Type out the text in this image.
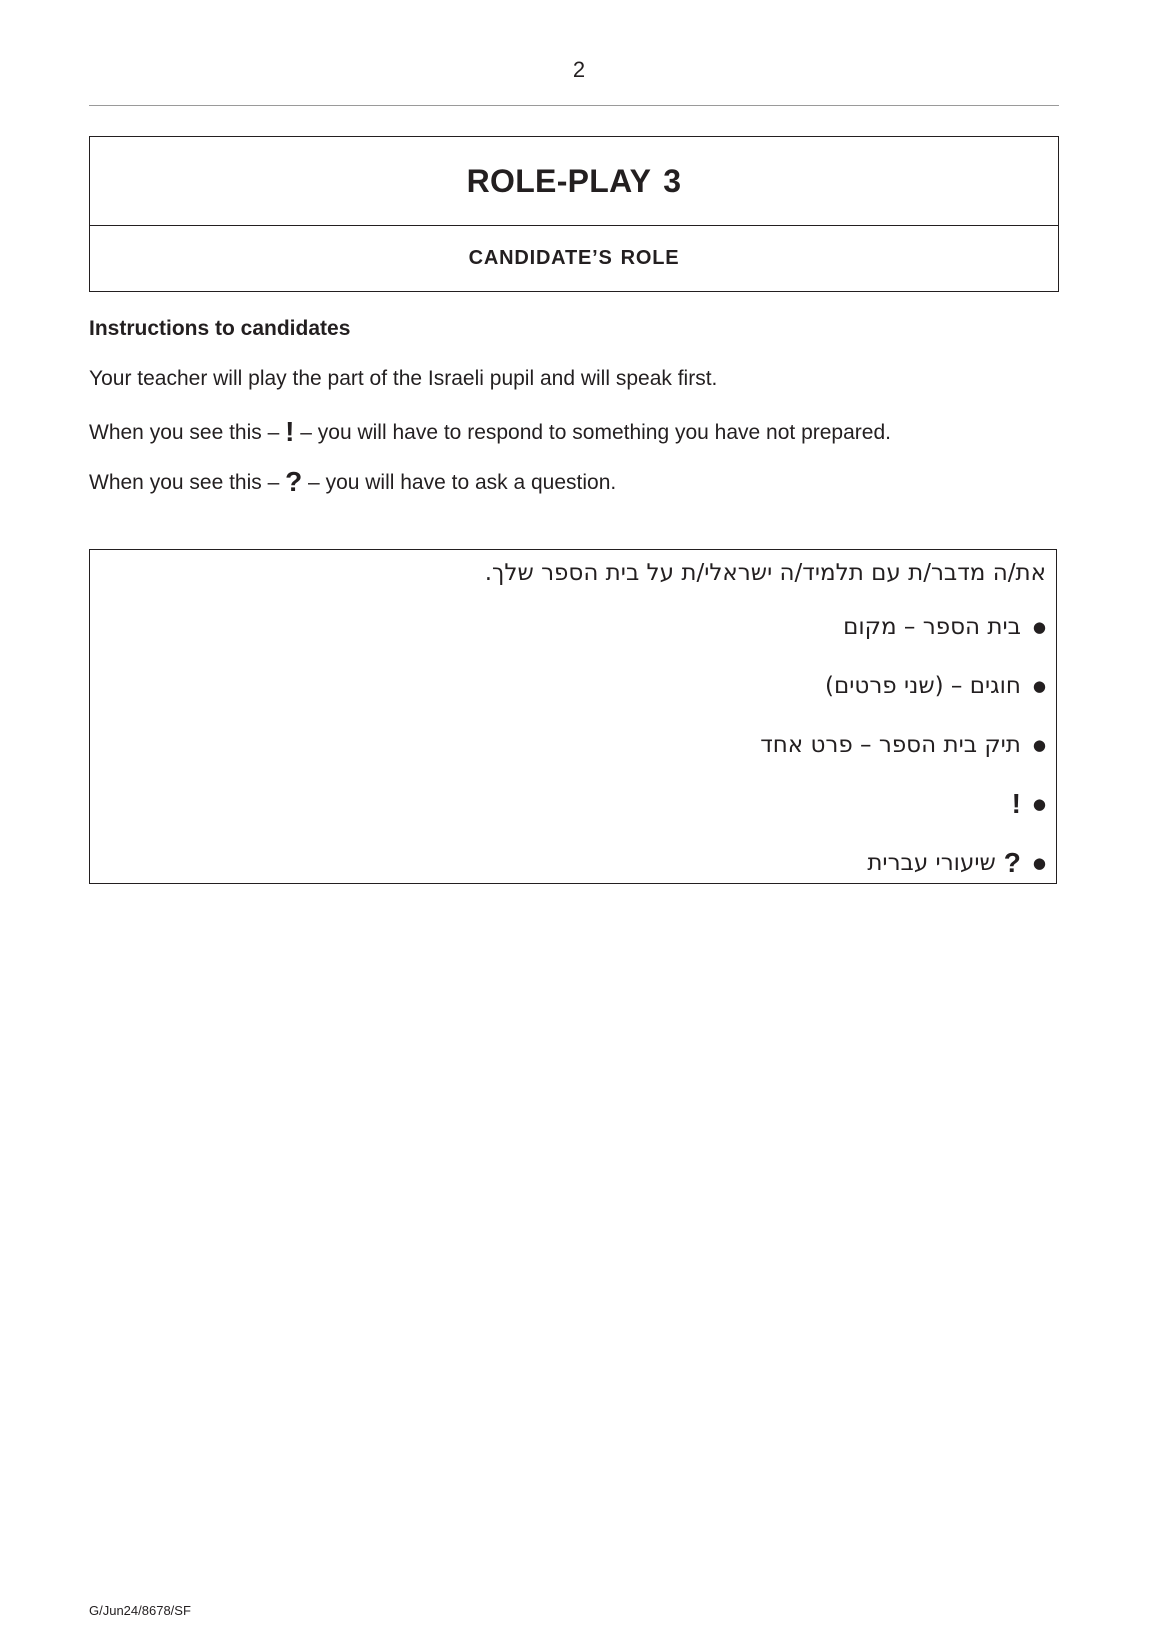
2
ROLE-PLAY 3
CANDIDATE’S ROLE
Instructions to candidates
Your teacher will play the part of the Israeli pupil and will speak first.
When you see this – ! – you will have to respond to something you have not prepared.
When you see this – ? – you will have to ask a question.
את/ה מדבר/ת עם תלמיד/ה ישראלי/ת על בית הספר שלך.
●
בית הספר – מקום
●
חוגים – (שני פרטים)
●
תיק בית הספר – פרט אחד
●
!
●
?
שיעורי עברית
G/Jun24/8678/SF
